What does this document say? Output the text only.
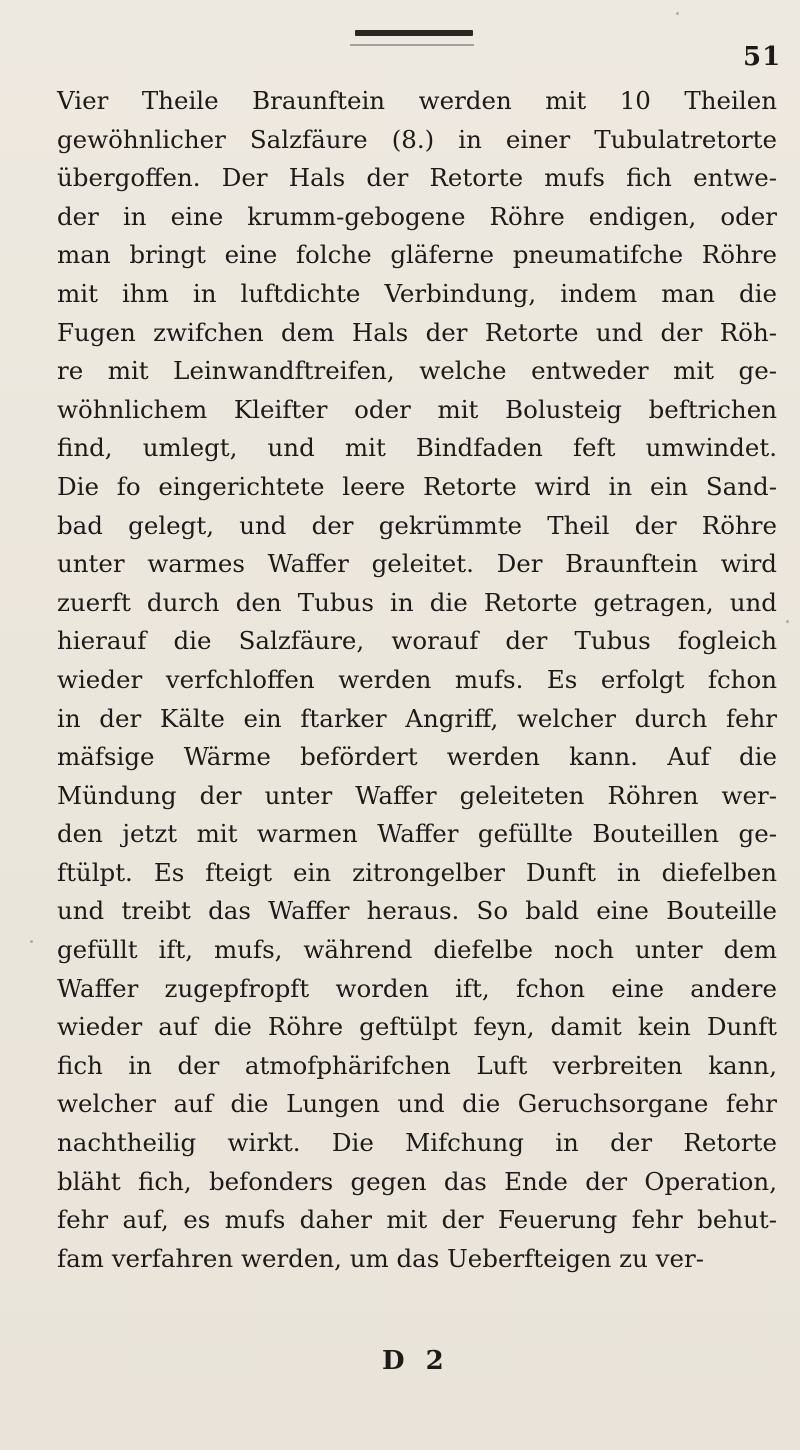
51
Vier Theile Braunftein werden mit 10 Theilen
gewöhnlicher Salzfäure (8.) in einer Tubulatretorte
übergoffen. Der Hals der Retorte mufs fich entwe-
der in eine krumm-gebogene Röhre endigen, oder
man bringt eine folche gläferne pneumatifche Röhre
mit ihm in luftdichte Verbindung, indem man die
Fugen zwifchen dem Hals der Retorte und der Röh-
re mit Leinwandftreifen, welche entweder mit ge-
wöhnlichem Kleifter oder mit Bolusteig beftrichen
find, umlegt, und mit Bindfaden feft umwindet.
Die fo eingerichtete leere Retorte wird in ein Sand-
bad gelegt, und der gekrümmte Theil der Röhre
unter warmes Waffer geleitet. Der Braunftein wird
zuerft durch den Tubus in die Retorte getragen, und
hierauf die Salzfäure, worauf der Tubus fogleich
wieder verfchloffen werden mufs. Es erfolgt fchon
in der Kälte ein ftarker Angriff, welcher durch fehr
mäfsige Wärme befördert werden kann. Auf die
Mündung der unter Waffer geleiteten Röhren wer-
den jetzt mit warmen Waffer gefüllte Bouteillen ge-
ftülpt. Es fteigt ein zitrongelber Dunft in diefelben
und treibt das Waffer heraus. So bald eine Bouteille
gefüllt ift, mufs, während diefelbe noch unter dem
Waffer zugepfropft worden ift, fchon eine andere
wieder auf die Röhre geftülpt feyn, damit kein Dunft
fich in der atmofphärifchen Luft verbreiten kann,
welcher auf die Lungen und die Geruchsorgane fehr
nachtheilig wirkt. Die Mifchung in der Retorte
bläht fich, befonders gegen das Ende der Operation,
fehr auf, es mufs daher mit der Feuerung fehr behut-
fam verfahren werden, um das Ueberfteigen zu ver-
D 2
